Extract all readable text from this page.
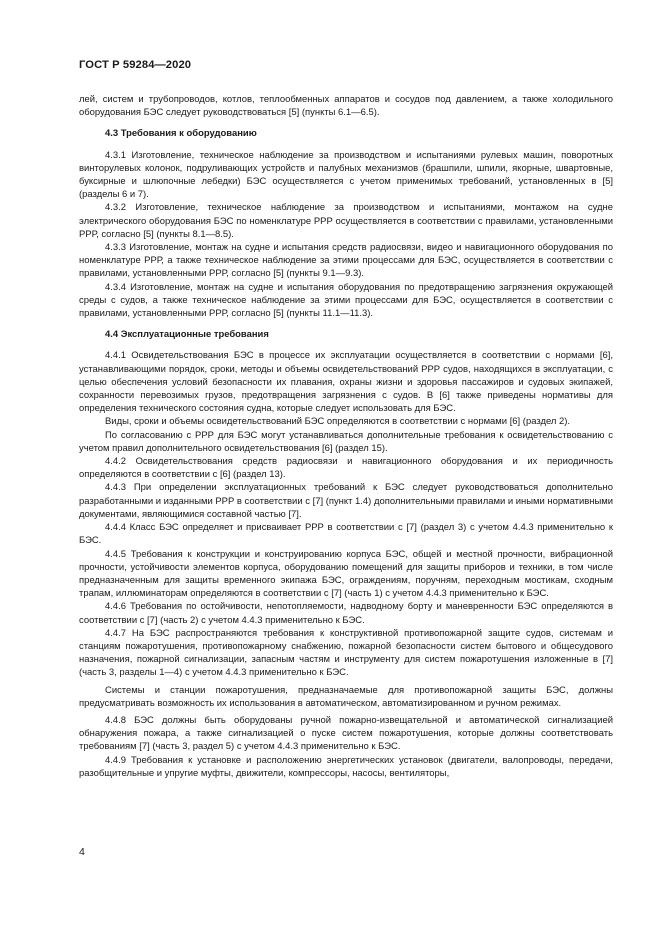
ГОСТ Р 59284—2020

лей, систем и трубопроводов, котлов, теплообменных аппаратов и сосудов под давлением, а также холодильного оборудования БЭС следует руководствоваться [5] (пункты 6.1—6.5).

4.3 Требования к оборудованию

4.3.1 Изготовление, техническое наблюдение за производством и испытаниями рулевых машин, поворотных винторулевых колонок, подруливающих устройств и палубных механизмов (брашпили, шпили, якорные, швартовные, буксирные и шлюпочные лебедки) БЭС осуществляется с учетом применимых требований, установленных в [5] (разделы 6 и 7).

4.3.2 Изготовление, техническое наблюдение за производством и испытаниями, монтажом на судне электрического оборудования БЭС по номенклатуре РРР осуществляется в соответствии с правилами, установленными РРР, согласно [5] (пункты 8.1—8.5).

4.3.3 Изготовление, монтаж на судне и испытания средств радиосвязи, видео и навигационного оборудования по номенклатуре РРР, а также техническое наблюдение за этими процессами для БЭС, осуществляется в соответствии с правилами, установленными РРР, согласно [5] (пункты 9.1—9.3).

4.3.4 Изготовление, монтаж на судне и испытания оборудования по предотвращению загрязнения окружающей среды с судов, а также техническое наблюдение за этими процессами для БЭС, осуществляется в соответствии с правилами, установленными РРР, согласно [5] (пункты 11.1—11.3).

4.4 Эксплуатационные требования

4.4.1 Освидетельствования БЭС в процессе их эксплуатации осуществляется в соответствии с нормами [6], устанавливающими порядок, сроки, методы и объемы освидетельствований РРР судов, находящихся в эксплуатации, с целью обеспечения условий безопасности их плавания, охраны жизни и здоровья пассажиров и судовых экипажей, сохранности перевозимых грузов, предотвращения загрязнения с судов. В [6] также приведены нормативы для определения технического состояния судна, которые следует использовать для БЭС.

Виды, сроки и объемы освидетельствований БЭС определяются в соответствии с нормами [6] (раздел 2).

По согласованию с РРР для БЭС могут устанавливаться дополнительные требования к освидетельствованию с учетом правил дополнительного освидетельствования [6] (раздел 15).

4.4.2 Освидетельствования средств радиосвязи и навигационного оборудования и их периодичность определяются в соответствии с [6] (раздел 13).

4.4.3 При определении эксплуатационных требований к БЭС следует руководствоваться дополнительно разработанными и изданными РРР в соответствии с [7] (пункт 1.4) дополнительными правилами и иными нормативными документами, являющимися составной частью [7].

4.4.4 Класс БЭС определяет и присваивает РРР в соответствии с [7] (раздел 3) с учетом 4.4.3 применительно к БЭС.

4.4.5 Требования к конструкции и конструированию корпуса БЭС, общей и местной прочности, вибрационной прочности, устойчивости элементов корпуса, оборудованию помещений для защиты приборов и техники, в том числе предназначенным для защиты временного экипажа БЭС, ограждениям, поручням, переходным мостикам, сходным трапам, иллюминаторам определяются в соответствии с [7] (часть 1) с учетом 4.4.3 применительно к БЭС.

4.4.6 Требования по остойчивости, непотопляемости, надводному борту и маневренности БЭС определяются в соответствии с [7] (часть 2) с учетом 4.4.3 применительно к БЭС.

4.4.7 На БЭС распространяются требования к конструктивной противопожарной защите судов, системам и станциям пожаротушения, противопожарному снабжению, пожарной безопасности систем бытового и общесудового назначения, пожарной сигнализации, запасным частям и инструменту для систем пожаротушения изложенные в [7] (часть 3, разделы 1—4) с учетом 4.4.3 применительно к БЭС.

Системы и станции пожаротушения, предназначаемые для противопожарной защиты БЭС, должны предусматривать возможность их использования в автоматическом, автоматизированном и ручном режимах.

4.4.8 БЭС должны быть оборудованы ручной пожарно-извещательной и автоматической сигнализацией обнаружения пожара, а также сигнализацией о пуске систем пожаротушения, которые должны соответствовать требованиям [7] (часть 3, раздел 5) с учетом 4.4.3 применительно к БЭС.

4.4.9 Требования к установке и расположению энергетических установок (двигатели, валопроводы, передачи, разобщительные и упругие муфты, движители, компрессоры, насосы, вентиляторы,

4
